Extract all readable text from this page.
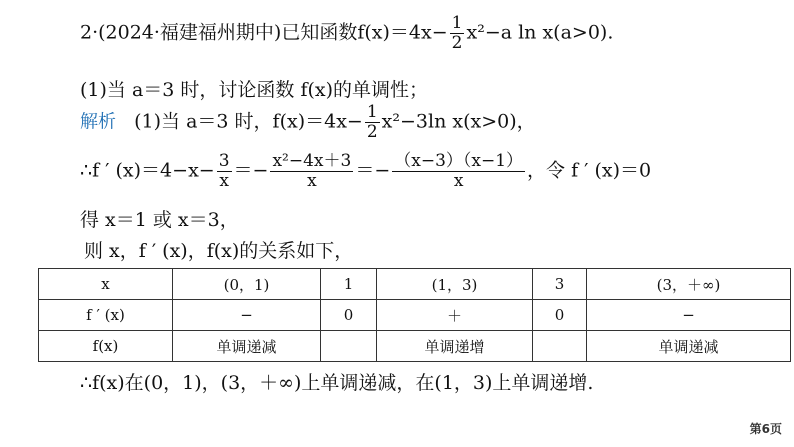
2·(2024·福建福州期中)已知函数$f(x)=4x- \frac{1}{2} x^2-a$ ln x(a>0).
(1)当 a＝3 时，讨论函数 f(x)的单调性；
解析 (1)当 a＝3 时，$f(x)=4x- \frac{1}{2} x^2-3\ln$ x(x>0)，
∴f ′ $(x)=4-x- \frac{3}{x} =- \frac{\text{x²−4x＋3}}{x} =- \frac{(x-3)(x-1)}{x}$ ，令 f ′ (x)＝0
得 x＝1 或 x＝3，
则 x，f ′ (x)，f(x)的关系如下，
x	(0，1)	1	(1，3)	3	(3，＋∞)
f ′ (x)	−	0	＋	0	−
f(x)	单调递减		单调递增		单调递减
∴f(x)在(0，1)，(3，＋∞)上单调递减，在(1，3)上单调递增.
第6页
